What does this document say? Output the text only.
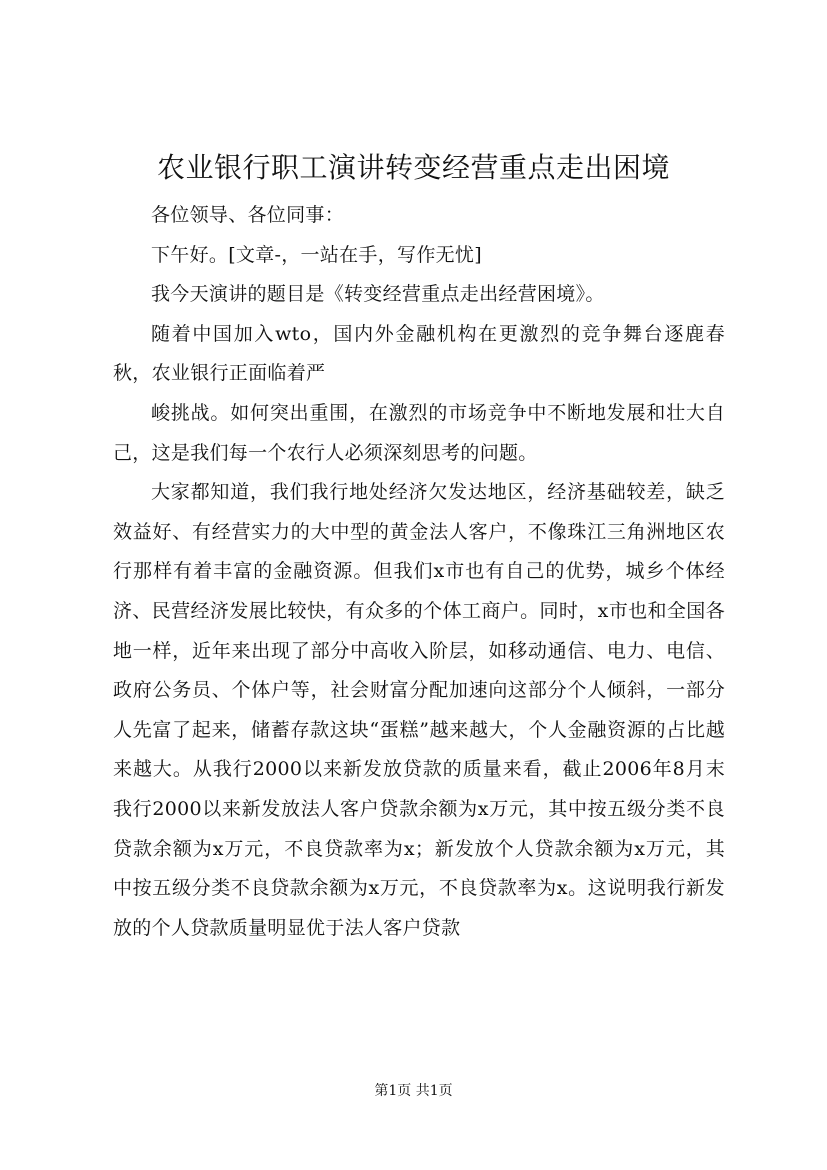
农业银行职工演讲转变经营重点走出困境

各位领导、各位同事：

下午好。[文章-，一站在手，写作无忧]

我今天演讲的题目是《转变经营重点走出经营困境》。

随着中国加入wto，国内外金融机构在更激烈的竞争舞台逐鹿春秋，农业银行正面临着严

峻挑战。如何突出重围，在激烈的市场竞争中不断地发展和壮大自己，这是我们每一个农行人必须深刻思考的问题。

大家都知道，我们我行地处经济欠发达地区，经济基础较差，缺乏效益好、有经营实力的大中型的黄金法人客户，不像珠江三角洲地区农行那样有着丰富的金融资源。但我们x市也有自己的优势，城乡个体经济、民营经济发展比较快，有众多的个体工商户。同时，x市也和全国各地一样，近年来出现了部分中高收入阶层，如移动通信、电力、电信、政府公务员、个体户等，社会财富分配加速向这部分个人倾斜，一部分人先富了起来，储蓄存款这块“蛋糕”越来越大，个人金融资源的占比越来越大。从我行2000以来新发放贷款的质量来看，截止2006年8月末我行2000以来新发放法人客户贷款余额为x万元，其中按五级分类不良贷款余额为x万元，不良贷款率为x；新发放个人贷款余额为x万元，其中按五级分类不良贷款余额为x万元，不良贷款率为x。这说明我行新发放的个人贷款质量明显优于法人客户贷款

第1页 共1页
